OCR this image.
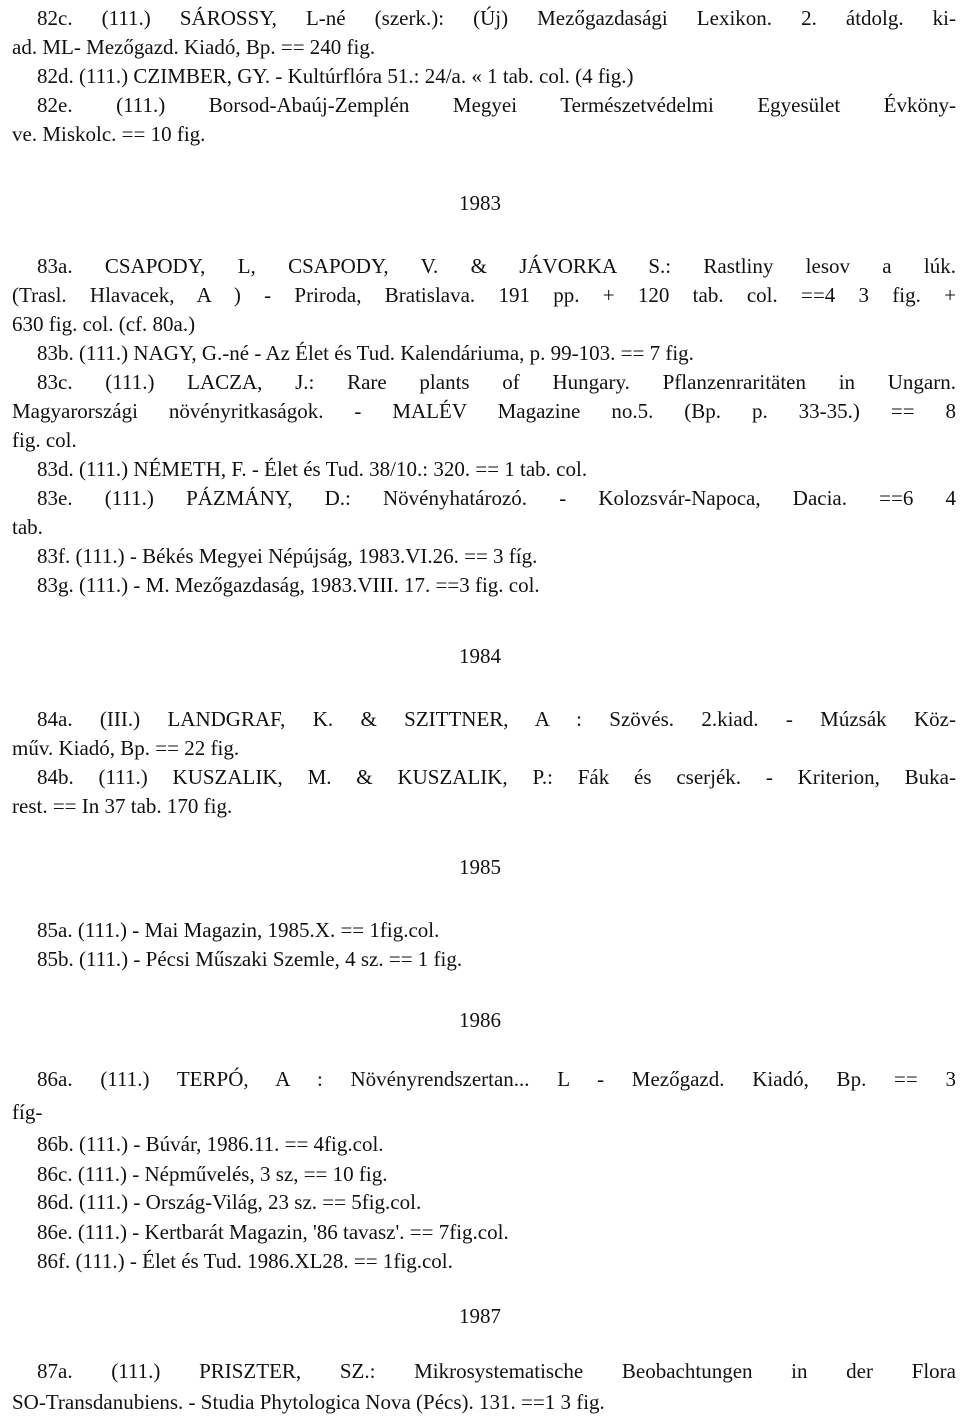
82c. (111.) SÁROSSY, L-né (szerk.): (Új) Mezőgazdasági Lexikon. 2. átdolg. ki-
ad. ML- Mezőgazd. Kiadó, Bp. == 240 fig.
82d. (111.) CZIMBER, GY. - Kultúrflóra 51.: 24/a. « 1 tab. col. (4 fig.)
82e. (111.) Borsod-Abaúj-Zemplén Megyei Természetvédelmi Egyesület Évköny-
ve. Miskolc. == 10 fig.
1983
83a. CSAPODY, L, CSAPODY, V. & JÁVORKA S.: Rastliny lesov a lúk.
(Trasl. Hlavacek, A ) - Priroda, Bratislava. 191 pp. + 120 tab. col. ==4 3 fig. +
630 fig. col. (cf. 80a.)
83b. (111.) NAGY, G.-né - Az Élet és Tud. Kalendáriuma, p. 99-103. == 7 fig.
83c. (111.) LACZA, J.: Rare plants of Hungary. Pflanzenraritäten in Ungarn.
Magyarországi növényritkaságok. - MALÉV Magazine no.5. (Bp. p. 33-35.) == 8
fig. col.
83d. (111.) NÉMETH, F. - Élet és Tud. 38/10.: 320. == 1 tab. col.
83e. (111.) PÁZMÁNY, D.: Növényhatározó. - Kolozsvár-Napoca, Dacia. ==6 4
tab.
83f. (111.) - Békés Megyei Népújság, 1983.VI.26. == 3 fíg.
83g. (111.) - M. Mezőgazdaság, 1983.VIII. 17. ==3 fig. col.
1984
84a. (III.) LANDGRAF, K. & SZITTNER, A : Szövés. 2.kiad. - Múzsák Köz-
műv. Kiadó, Bp. == 22 fig.
84b. (111.) KUSZALIK, M. & KUSZALIK, P.: Fák és cserjék. - Kriterion, Buka-
rest. == In 37 tab. 170 fig.
1985
85a. (111.) - Mai Magazin, 1985.X. == 1fig.col.
85b. (111.) - Pécsi Műszaki Szemle, 4 sz. == 1 fig.
1986
86a. (111.) TERPÓ, A : Növényrendszertan... L - Mezőgazd. Kiadó, Bp. == 3
fíg-
86b. (111.) - Búvár, 1986.11. == 4fig.col.
86c. (111.) - Népművelés, 3 sz, == 10 fig.
86d. (111.) - Ország-Világ, 23 sz. == 5fig.col.
86e. (111.) - Kertbarát Magazin, '86 tavasz'. == 7fig.col.
86f. (111.) - Élet és Tud. 1986.XL28. == 1fig.col.
1987
87a. (111.) PRISZTER, SZ.: Mikrosystematische Beobachtungen in der Flora
SO-Transdanubiens. - Studia Phytologica Nova (Pécs). 131. ==1 3 fig.
